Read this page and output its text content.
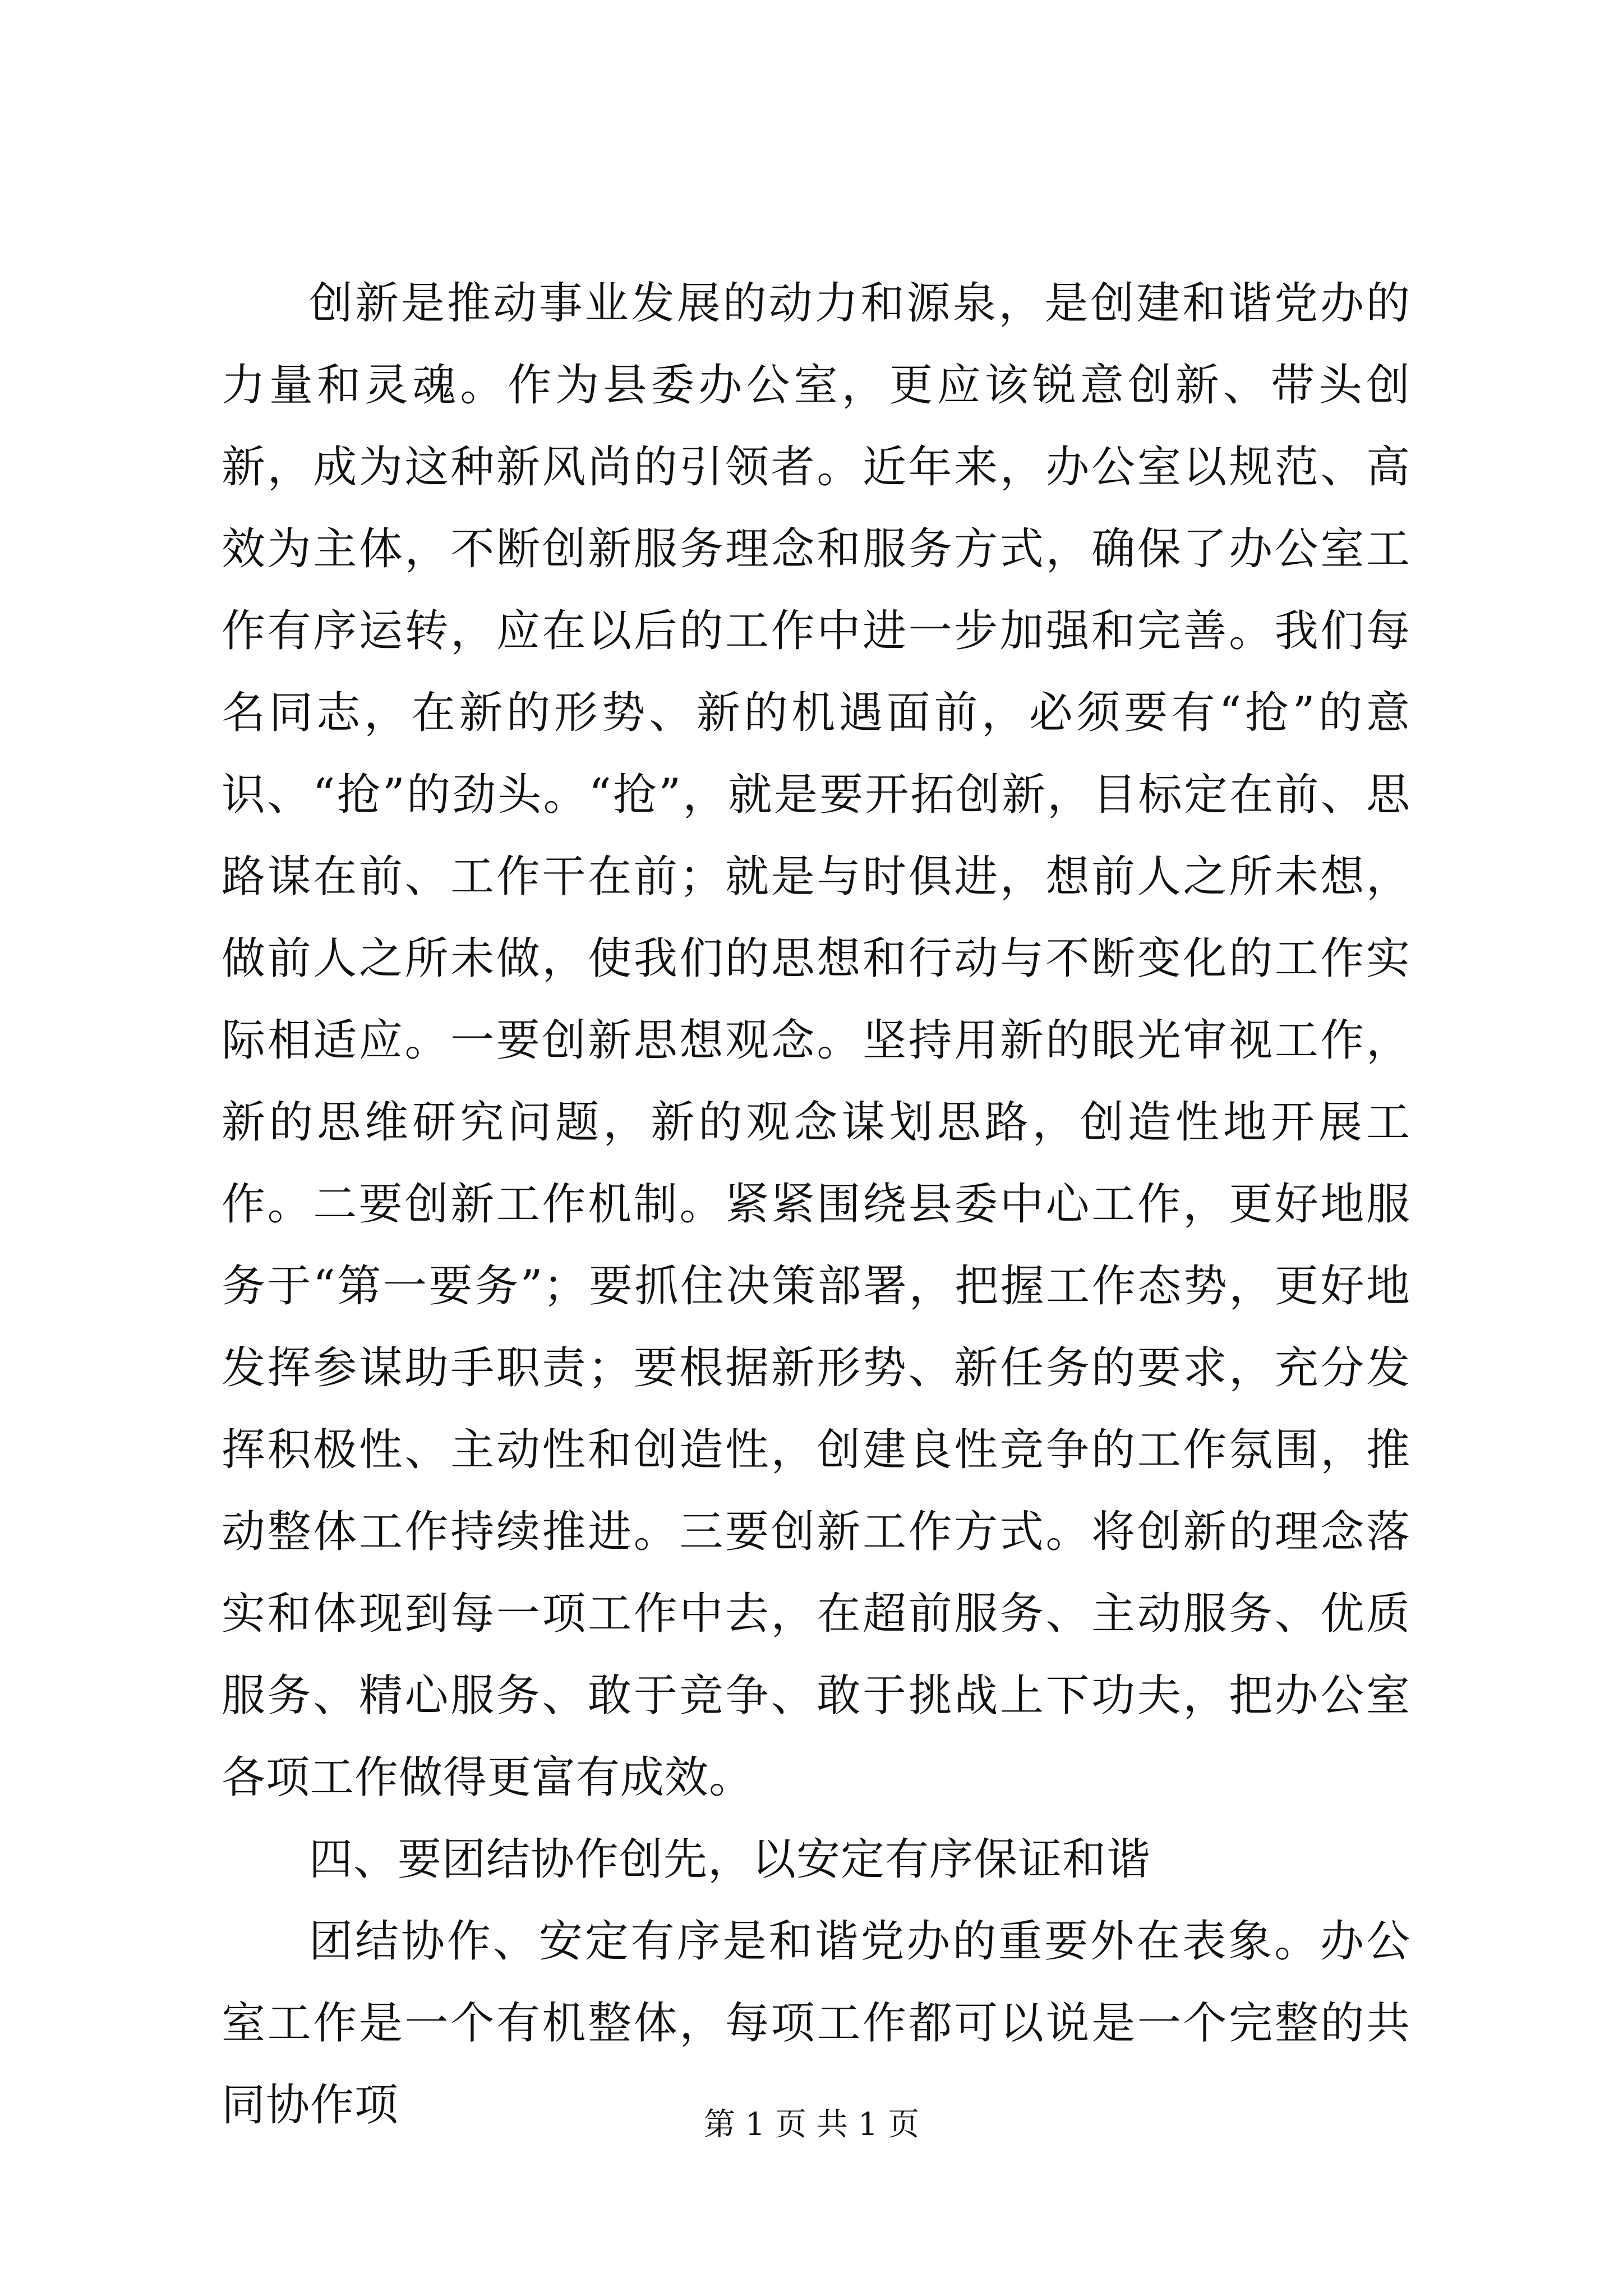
创新是推动事业发展的动力和源泉，是创建和谐党办的力量和灵魂。作为县委办公室，更应该锐意创新、带头创新，成为这种新风尚的引领者。近年来，办公室以规范、高效为主体，不断创新服务理念和服务方式，确保了办公室工作有序运转，应在以后的工作中进一步加强和完善。我们每名同志，在新的形势、新的机遇面前，必须要有“抢”的意识、“抢”的劲头。“抢”，就是要开拓创新，目标定在前、思路谋在前、工作干在前；就是与时俱进，想前人之所未想，做前人之所未做，使我们的思想和行动与不断变化的工作实际相适应。一要创新思想观念。坚持用新的眼光审视工作，新的思维研究问题，新的观念谋划思路，创造性地开展工作。二要创新工作机制。紧紧围绕县委中心工作，更好地服务于“第一要务”；要抓住决策部署，把握工作态势，更好地发挥参谋助手职责；要根据新形势、新任务的要求，充分发挥积极性、主动性和创造性，创建良性竞争的工作氛围，推动整体工作持续推进。三要创新工作方式。将创新的理念落实和体现到每一项工作中去，在超前服务、主动服务、优质服务、精心服务、敢于竞争、敢于挑战上下功夫，把办公室各项工作做得更富有成效。

四、要团结协作创先，以安定有序保证和谐

团结协作、安定有序是和谐党办的重要外在表象。办公室工作是一个有机整体，每项工作都可以说是一个完整的共同协作项	第 1 页 共 1 页
